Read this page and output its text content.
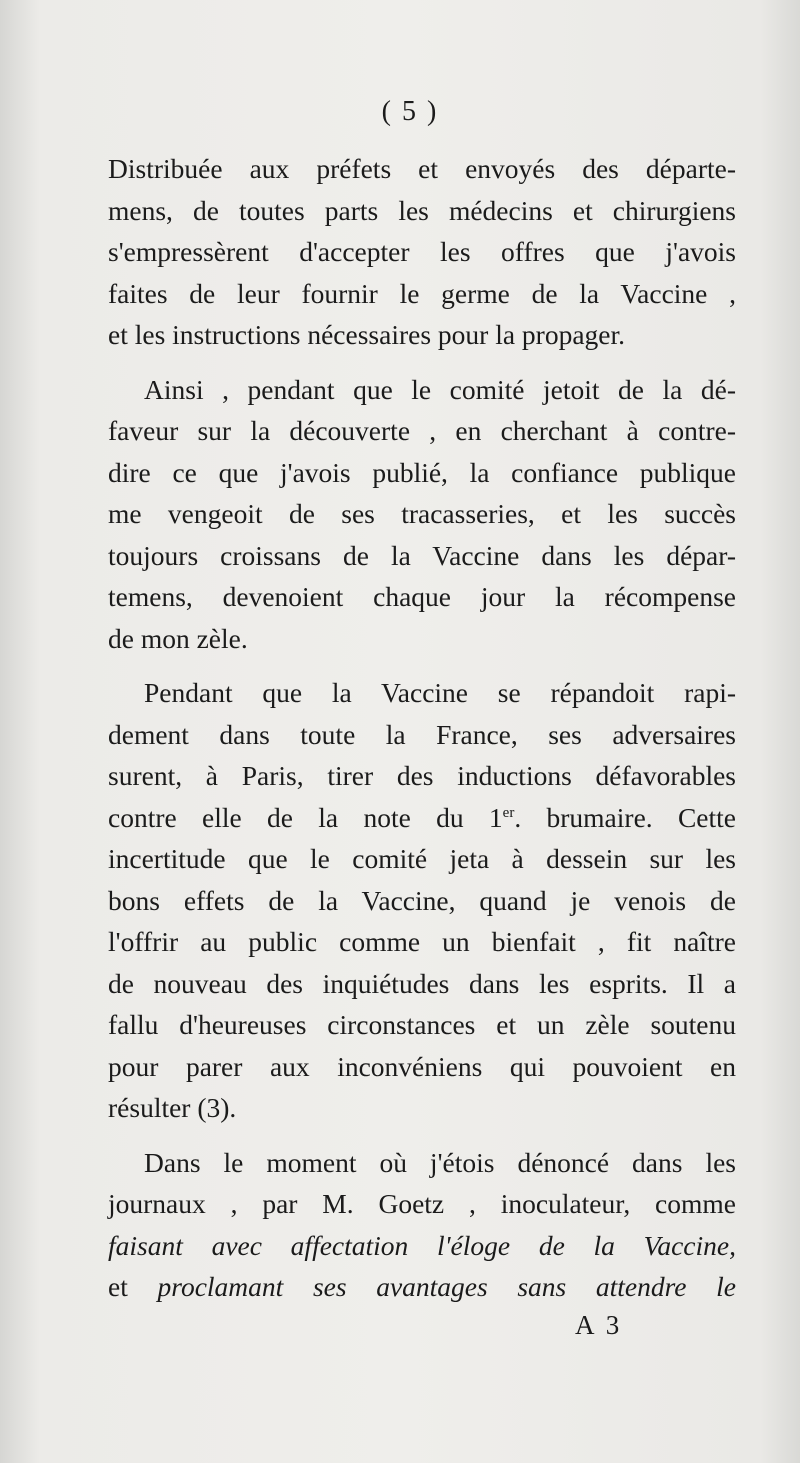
( 5 )
Distribuée aux préfets et envoyés des départe-
mens, de toutes parts les médecins et chirurgiens
s'empressèrent d'accepter les offres que j'avois
faites de leur fournir le germe de la Vaccine ,
et les instructions nécessaires pour la propager.
Ainsi , pendant que le comité jetoit de la dé-
faveur sur la découverte , en cherchant à contre-
dire ce que j'avois publié, la confiance publique
me vengeoit de ses tracasseries, et les succès
toujours croissans de la Vaccine dans les dépar-
temens, devenoient chaque jour la récompense
de mon zèle.
Pendant que la Vaccine se répandoit rapi-
dement dans toute la France, ses adversaires
surent, à Paris, tirer des inductions défavorables
contre elle de la note du 1er. brumaire. Cette
incertitude que le comité jeta à dessein sur les
bons effets de la Vaccine, quand je venois de
l'offrir au public comme un bienfait , fit naître
de nouveau des inquiétudes dans les esprits. Il a
fallu d'heureuses circonstances et un zèle soutenu
pour parer aux inconvéniens qui pouvoient en
résulter (3).
Dans le moment où j'étois dénoncé dans les
journaux , par M. Goetz , inoculateur, comme
faisant avec affectation l'éloge de la Vaccine,
et proclamant ses avantages sans attendre le
A 3
